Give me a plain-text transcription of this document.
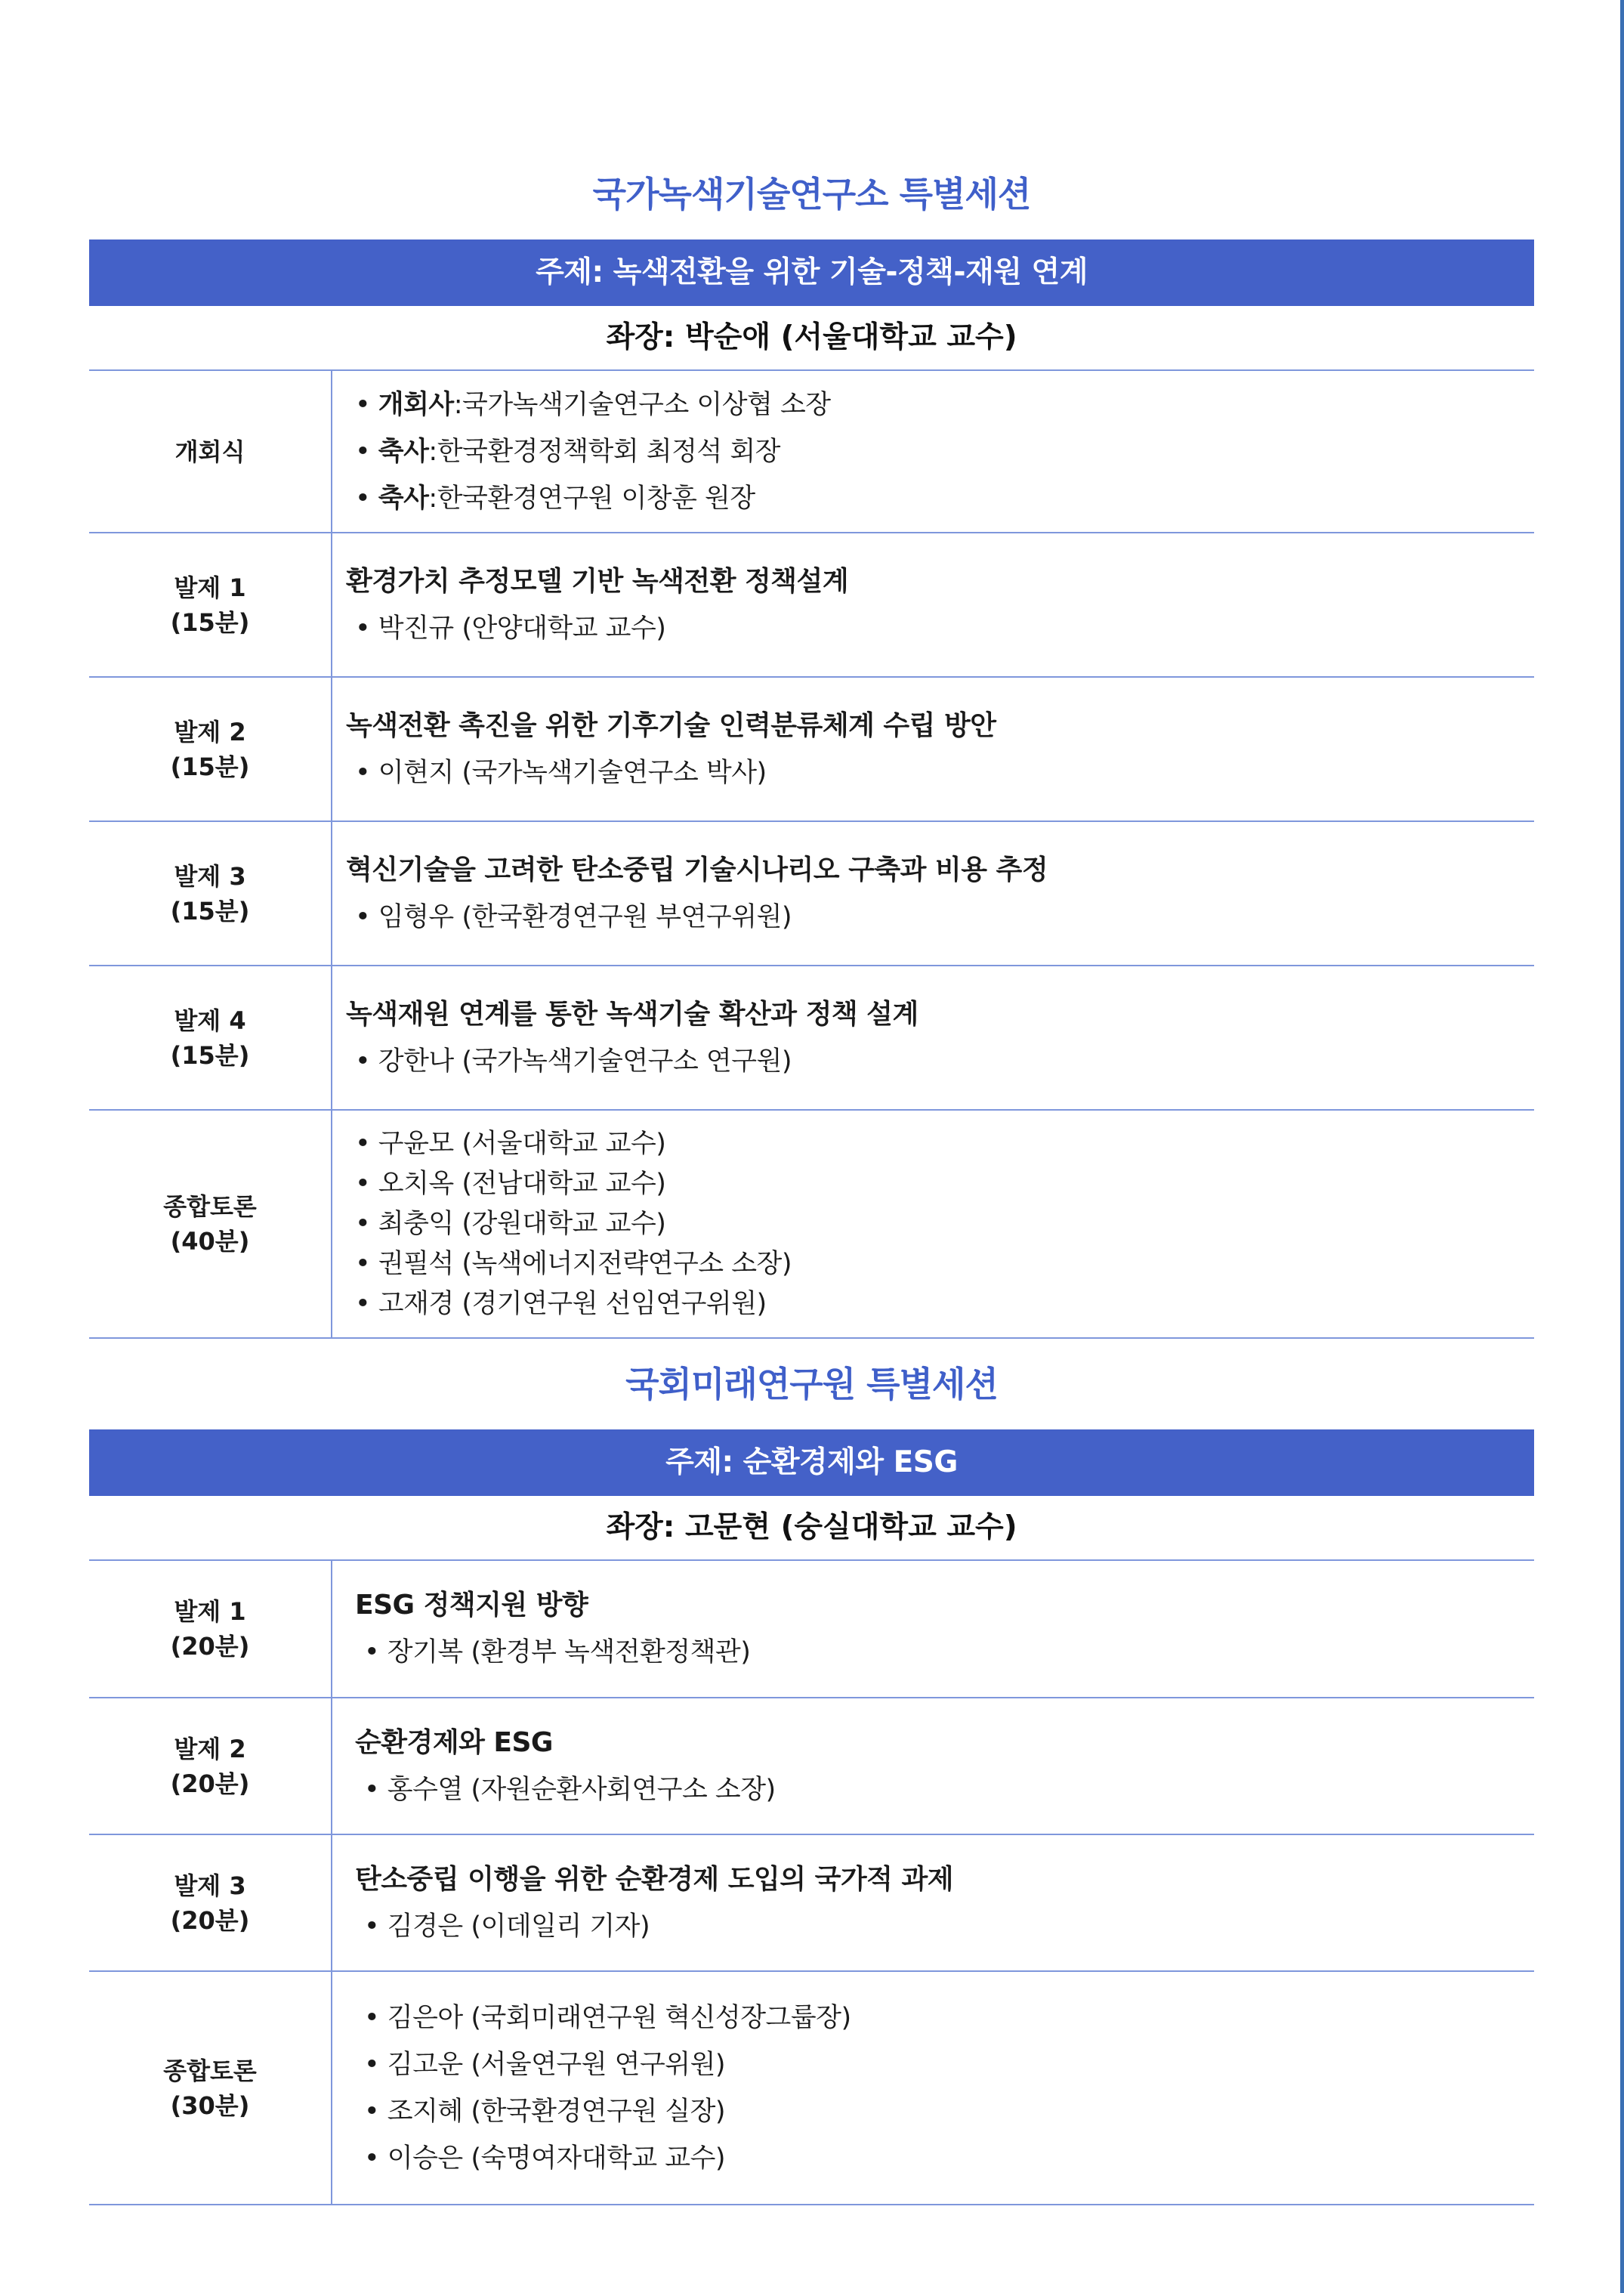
국가녹색기술연구소 특별세션
주제: 녹색전환을 위한 기술-정책-재원 연계
좌장: 박순애 (서울대학교 교수)
개회식
• 개회사:국가녹색기술연구소 이상협 소장
• 축사:한국환경정책학회 최정석 회장
• 축사:한국환경연구원 이창훈 원장
발제 1
(15분)
환경가치 추정모델 기반 녹색전환 정책설계
• 박진규 (안양대학교 교수)
발제 2
(15분)
녹색전환 촉진을 위한 기후기술 인력분류체계 수립 방안
• 이현지 (국가녹색기술연구소 박사)
발제 3
(15분)
혁신기술을 고려한 탄소중립 기술시나리오 구축과 비용 추정
• 임형우 (한국환경연구원 부연구위원)
발제 4
(15분)
녹색재원 연계를 통한 녹색기술 확산과 정책 설계
• 강한나 (국가녹색기술연구소 연구원)
종합토론
(40분)
• 구윤모 (서울대학교 교수)
• 오치옥 (전남대학교 교수)
• 최충익 (강원대학교 교수)
• 권필석 (녹색에너지전략연구소 소장)
• 고재경 (경기연구원 선임연구위원)
국회미래연구원 특별세션
주제: 순환경제와 ESG
좌장: 고문현 (숭실대학교 교수)
발제 1
(20분)
ESG 정책지원 방향
• 장기복 (환경부 녹색전환정책관)
발제 2
(20분)
순환경제와 ESG
• 홍수열 (자원순환사회연구소 소장)
발제 3
(20분)
탄소중립 이행을 위한 순환경제 도입의 국가적 과제
• 김경은 (이데일리 기자)
종합토론
(30분)
• 김은아 (국회미래연구원 혁신성장그룹장)
• 김고운 (서울연구원 연구위원)
• 조지혜 (한국환경연구원 실장)
• 이승은 (숙명여자대학교 교수)
